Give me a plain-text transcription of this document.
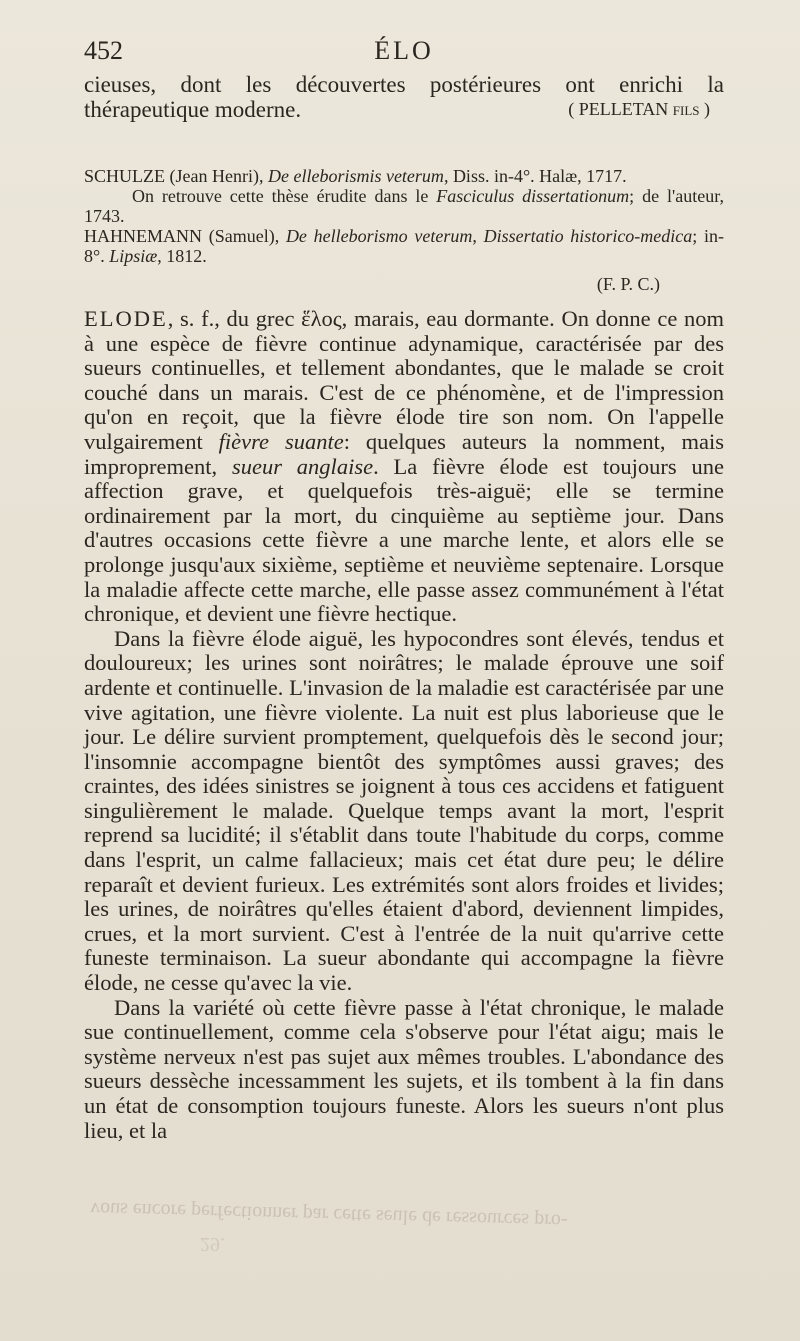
452	ÉLO

cieuses, dont les découvertes postérieures ont enrichi la thérapeutique moderne.	( PELLETAN fils )

SCHULZE (Jean Henri), De elleborismis veterum, Diss. in-4°. Halæ, 1717.

On retrouve cette thèse érudite dans le Fasciculus dissertationum; de l'auteur, 1743.

HAHNEMANN (Samuel), De helleborismo veterum, Dissertatio historico-medica; in-8°. Lipsiæ, 1812.

(F. P. C.)

ELODE, s. f., du grec ἕλος, marais, eau dormante. On donne ce nom à une espèce de fièvre continue adynamique, caractérisée par des sueurs continuelles, et tellement abondantes, que le malade se croit couché dans un marais. C'est de ce phénomène, et de l'impression qu'on en reçoit, que la fièvre élode tire son nom. On l'appelle vulgairement fièvre suante: quelques auteurs la nomment, mais improprement, sueur anglaise. La fièvre élode est toujours une affection grave, et quelquefois très-aiguë; elle se termine ordinairement par la mort, du cinquième au septième jour. Dans d'autres occasions cette fièvre a une marche lente, et alors elle se prolonge jusqu'aux sixième, septième et neuvième septenaire. Lorsque la maladie affecte cette marche, elle passe assez communément à l'état chronique, et devient une fièvre hectique.

Dans la fièvre élode aiguë, les hypocondres sont élevés, tendus et douloureux; les urines sont noirâtres; le malade éprouve une soif ardente et continuelle. L'invasion de la maladie est caractérisée par une vive agitation, une fièvre violente. La nuit est plus laborieuse que le jour. Le délire survient promptement, quelquefois dès le second jour; l'insomnie accompagne bientôt des symptômes aussi graves; des craintes, des idées sinistres se joignent à tous ces accidens et fatiguent singulièrement le malade. Quelque temps avant la mort, l'esprit reprend sa lucidité; il s'établit dans toute l'habitude du corps, comme dans l'esprit, un calme fallacieux; mais cet état dure peu; le délire reparaît et devient furieux. Les extrémités sont alors froides et livides; les urines, de noirâtres qu'elles étaient d'abord, deviennent limpides, crues, et la mort survient. C'est à l'entrée de la nuit qu'arrive cette funeste terminaison. La sueur abondante qui accompagne la fièvre élode, ne cesse qu'avec la vie.

Dans la variété où cette fièvre passe à l'état chronique, le malade sue continuellement, comme cela s'observe pour l'état aigu; mais le système nerveux n'est pas sujet aux mêmes troubles. L'abondance des sueurs dessèche incessamment les sujets, et ils tombent à la fin dans un état de consomption toujours funeste. Alors les sueurs n'ont plus lieu, et la

vous encore perfectionner par cette seule de ressources pro-
29.
